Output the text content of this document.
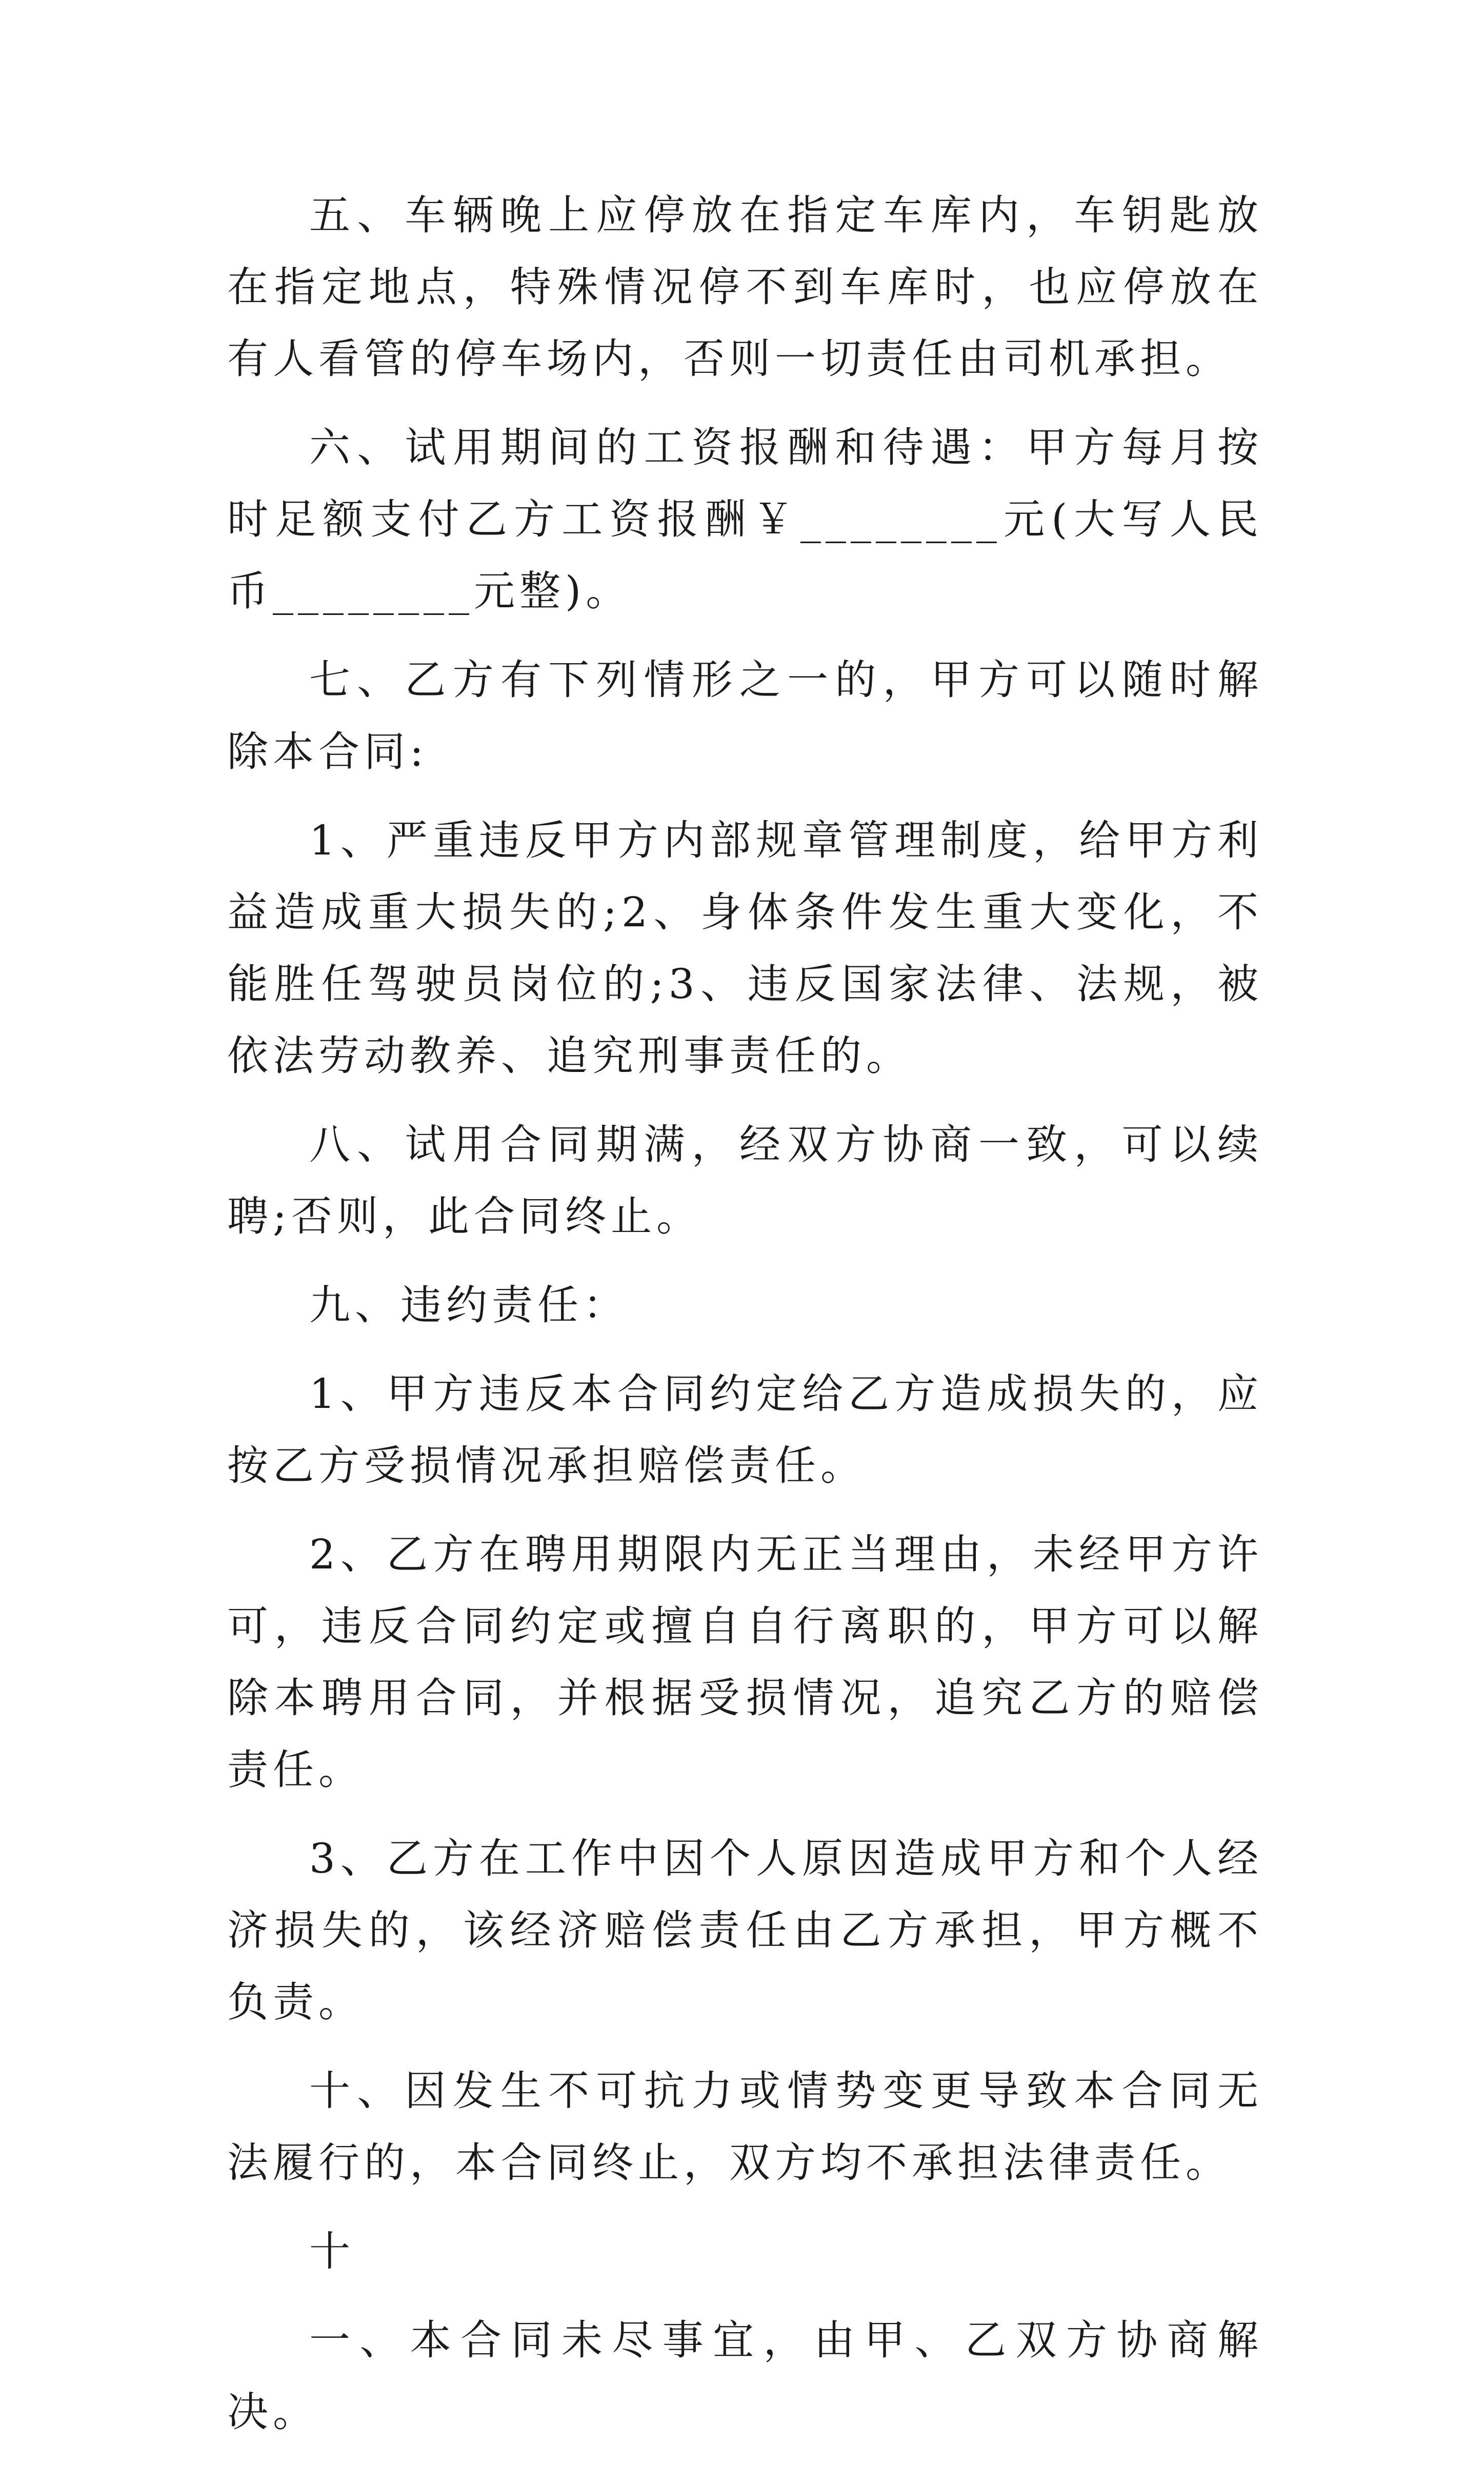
五、车辆晚上应停放在指定车库内，车钥匙放在指定地点，特殊情况停不到车库时，也应停放在有人看管的停车场内，否则一切责任由司机承担。

六、试用期间的工资报酬和待遇：甲方每月按时足额支付乙方工资报酬￥________元(大写人民币________元整)。

七、乙方有下列情形之一的，甲方可以随时解除本合同:

1、严重违反甲方内部规章管理制度，给甲方利益造成重大损失的;2、身体条件发生重大变化，不能胜任驾驶员岗位的;3、违反国家法律、法规，被依法劳动教养、追究刑事责任的。

八、试用合同期满，经双方协商一致，可以续聘;否则，此合同终止。

九、违约责任：

1、甲方违反本合同约定给乙方造成损失的，应按乙方受损情况承担赔偿责任。

2、乙方在聘用期限内无正当理由，未经甲方许可，违反合同约定或擅自自行离职的，甲方可以解除本聘用合同，并根据受损情况，追究乙方的赔偿责任。

3、乙方在工作中因个人原因造成甲方和个人经济损失的，该经济赔偿责任由乙方承担，甲方概不负责。

十、因发生不可抗力或情势变更导致本合同无法履行的，本合同终止，双方均不承担法律责任。

十

一、本合同未尽事宜，由甲、乙双方协商解决。
